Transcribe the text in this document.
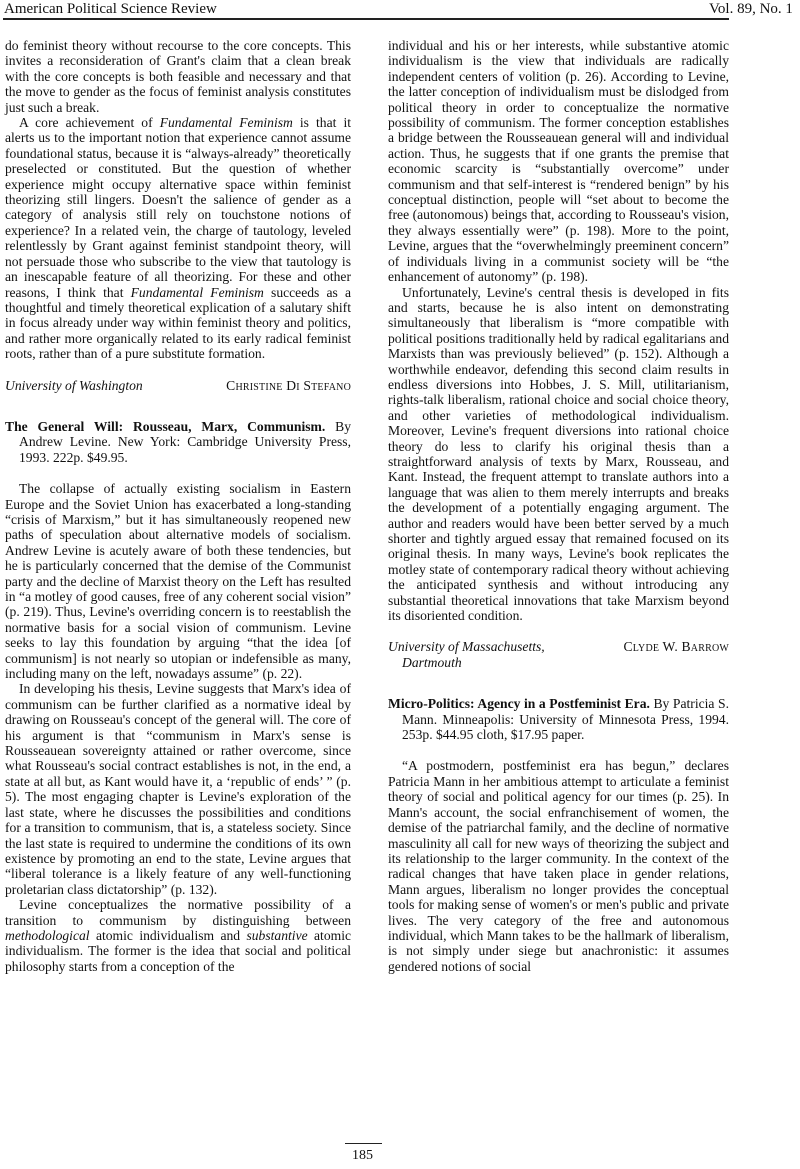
American Political Science Review	Vol. 89, No. 1

do feminist theory without recourse to the core concepts. This invites a reconsideration of Grant's claim that a clean break with the core concepts is both feasible and necessary and that the move to gender as the focus of feminist analysis constitutes just such a break.

A core achievement of Fundamental Feminism is that it alerts us to the important notion that experience cannot assume foundational status, because it is “always-already” theoretically preselected or constituted. But the question of whether experience might occupy alternative space within feminist theorizing still lingers. Doesn't the salience of gender as a category of analysis still rely on touchstone notions of experience? In a related vein, the charge of tautology, leveled relentlessly by Grant against feminist standpoint theory, will not persuade those who subscribe to the view that tautology is an inescapable feature of all theorizing. For these and other reasons, I think that Fundamental Feminism succeeds as a thoughtful and timely theoretical explication of a salutary shift in focus already under way within feminist theory and politics, and rather more organically related to its early radical feminist roots, rather than of a pure substitute formation.

University of Washington	Christine Di Stefano

The General Will: Rousseau, Marx, Communism. By Andrew Levine. New York: Cambridge University Press, 1993. 222p. $49.95.

The collapse of actually existing socialism in Eastern Europe and the Soviet Union has exacerbated a long-standing “crisis of Marxism,” but it has simultaneously reopened new paths of speculation about alternative models of socialism. Andrew Levine is acutely aware of both these tendencies, but he is particularly concerned that the demise of the Communist party and the decline of Marxist theory on the Left has resulted in “a motley of good causes, free of any coherent social vision” (p. 219). Thus, Levine's overriding concern is to reestablish the normative basis for a social vision of communism. Levine seeks to lay this foundation by arguing “that the idea [of communism] is not nearly so utopian or indefensible as many, including many on the left, nowadays assume” (p. 22).

In developing his thesis, Levine suggests that Marx's idea of communism can be further clarified as a normative ideal by drawing on Rousseau's concept of the general will. The core of his argument is that “communism in Marx's sense is Rousseauean sovereignty attained or rather overcome, since what Rousseau's social contract establishes is not, in the end, a state at all but, as Kant would have it, a ‘republic of ends’ ” (p. 5). The most engaging chapter is Levine's exploration of the last state, where he discusses the possibilities and conditions for a transition to communism, that is, a stateless society. Since the last state is required to undermine the conditions of its own existence by promoting an end to the state, Levine argues that “liberal tolerance is a likely feature of any well-functioning proletarian class dictatorship” (p. 132).

Levine conceptualizes the normative possibility of a transition to communism by distinguishing between methodological atomic individualism and substantive atomic individualism. The former is the idea that social and political philosophy starts from a conception of the

individual and his or her interests, while substantive atomic individualism is the view that individuals are radically independent centers of volition (p. 26). According to Levine, the latter conception of individualism must be dislodged from political theory in order to conceptualize the normative possibility of communism. The former conception establishes a bridge between the Rousseauean general will and individual action. Thus, he suggests that if one grants the premise that economic scarcity is “substantially overcome” under communism and that self-interest is “rendered benign” by his conceptual distinction, people will “set about to become the free (autonomous) beings that, according to Rousseau's vision, they always essentially were” (p. 198). More to the point, Levine, argues that the “overwhelmingly preeminent concern” of individuals living in a communist society will be “the enhancement of autonomy” (p. 198).

Unfortunately, Levine's central thesis is developed in fits and starts, because he is also intent on demonstrating simultaneously that liberalism is “more compatible with political positions traditionally held by radical egalitarians and Marxists than was previously believed” (p. 152). Although a worthwhile endeavor, defending this second claim results in endless diversions into Hobbes, J. S. Mill, utilitarianism, rights-talk liberalism, rational choice and social choice theory, and other varieties of methodological individualism. Moreover, Levine's frequent diversions into rational choice theory do less to clarify his original thesis than a straightforward analysis of texts by Marx, Rousseau, and Kant. Instead, the frequent attempt to translate authors into a language that was alien to them merely interrupts and breaks the development of a potentially engaging argument. The author and readers would have been better served by a much shorter and tightly argued essay that remained focused on its original thesis. In many ways, Levine's book replicates the motley state of contemporary radical theory without achieving the anticipated synthesis and without introducing any substantial theoretical innovations that take Marxism beyond its disoriented condition.

University of Massachusetts,
Dartmouth
Clyde W. Barrow

Micro-Politics: Agency in a Postfeminist Era. By Patricia S. Mann. Minneapolis: University of Minnesota Press, 1994. 253p. $44.95 cloth, $17.95 paper.

“A postmodern, postfeminist era has begun,” declares Patricia Mann in her ambitious attempt to articulate a feminist theory of social and political agency for our times (p. 25). In Mann's account, the social enfranchisement of women, the demise of the patriarchal family, and the decline of normative masculinity all call for new ways of theorizing the subject and its relationship to the larger community. In the context of the radical changes that have taken place in gender relations, Mann argues, liberalism no longer provides the conceptual tools for making sense of women's or men's public and private lives. The very category of the free and autonomous individual, which Mann takes to be the hallmark of liberalism, is not simply under siege but anachronistic: it assumes gendered notions of social

185
